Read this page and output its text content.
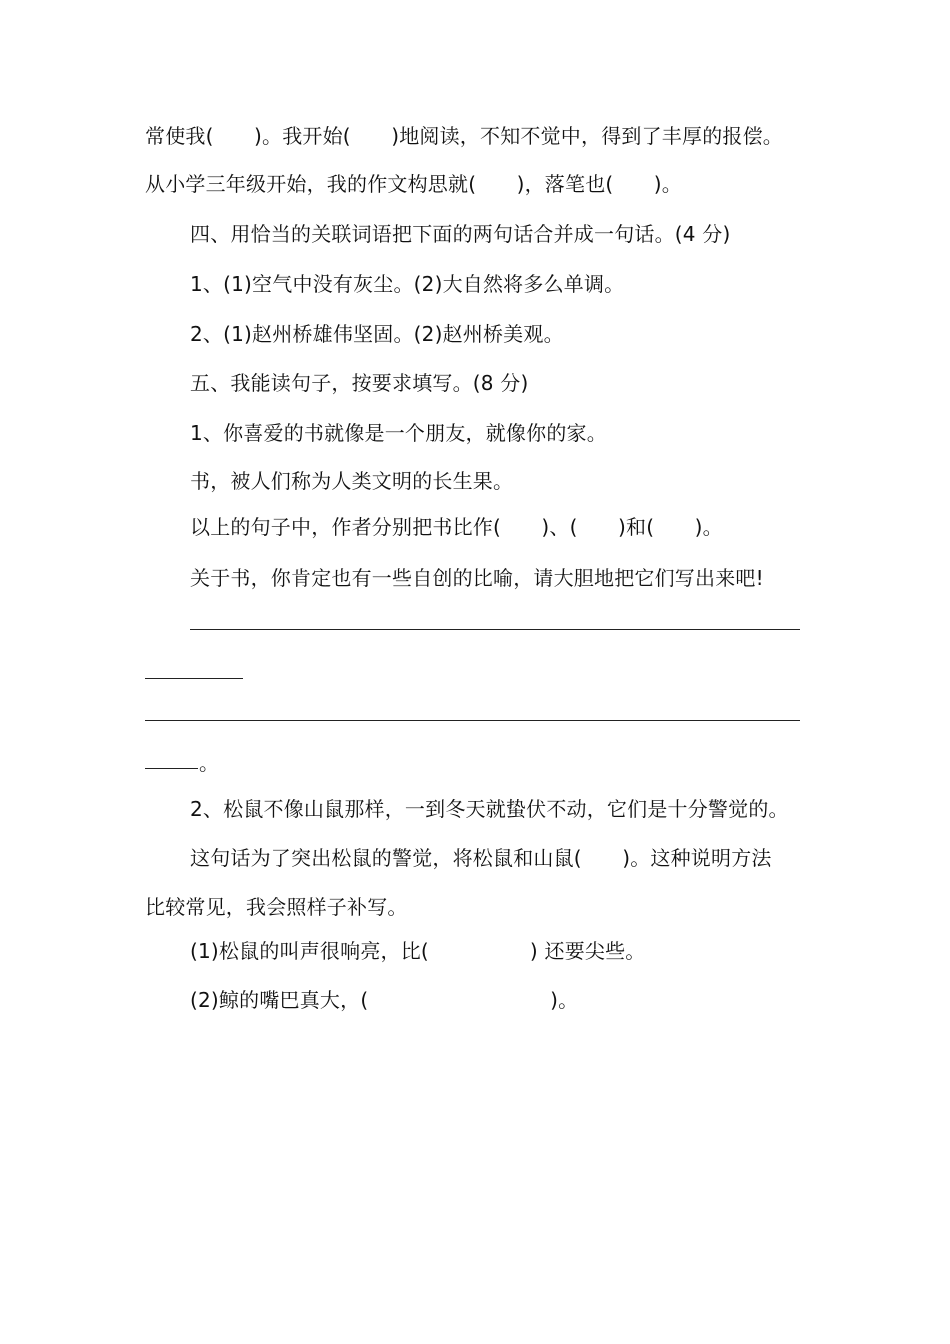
常使我(　　)。我开始(　　)地阅读，不知不觉中，得到了丰厚的报偿。
从小学三年级开始，我的作文构思就(　　)，落笔也(　　)。
四、用恰当的关联词语把下面的两句话合并成一句话。(4 分)
1、(1)空气中没有灰尘。(2)大自然将多么单调。
2、(1)赵州桥雄伟坚固。(2)赵州桥美观。
五、我能读句子，按要求填写。(8 分)
1、你喜爱的书就像是一个朋友，就像你的家。
书，被人们称为人类文明的长生果。
以上的句子中，作者分别把书比作(　　)、(　　)和(　　)。
关于书，你肯定也有一些自创的比喻，请大胆地把它们写出来吧!
。
2、松鼠不像山鼠那样，一到冬天就蛰伏不动，它们是十分警觉的。
这句话为了突出松鼠的警觉，将松鼠和山鼠(　　)。这种说明方法
比较常见，我会照样子补写。
(1)松鼠的叫声很响亮，比(　　　　　) 还要尖些。
(2)鲸的嘴巴真大，(　　　　　　　　　)。
